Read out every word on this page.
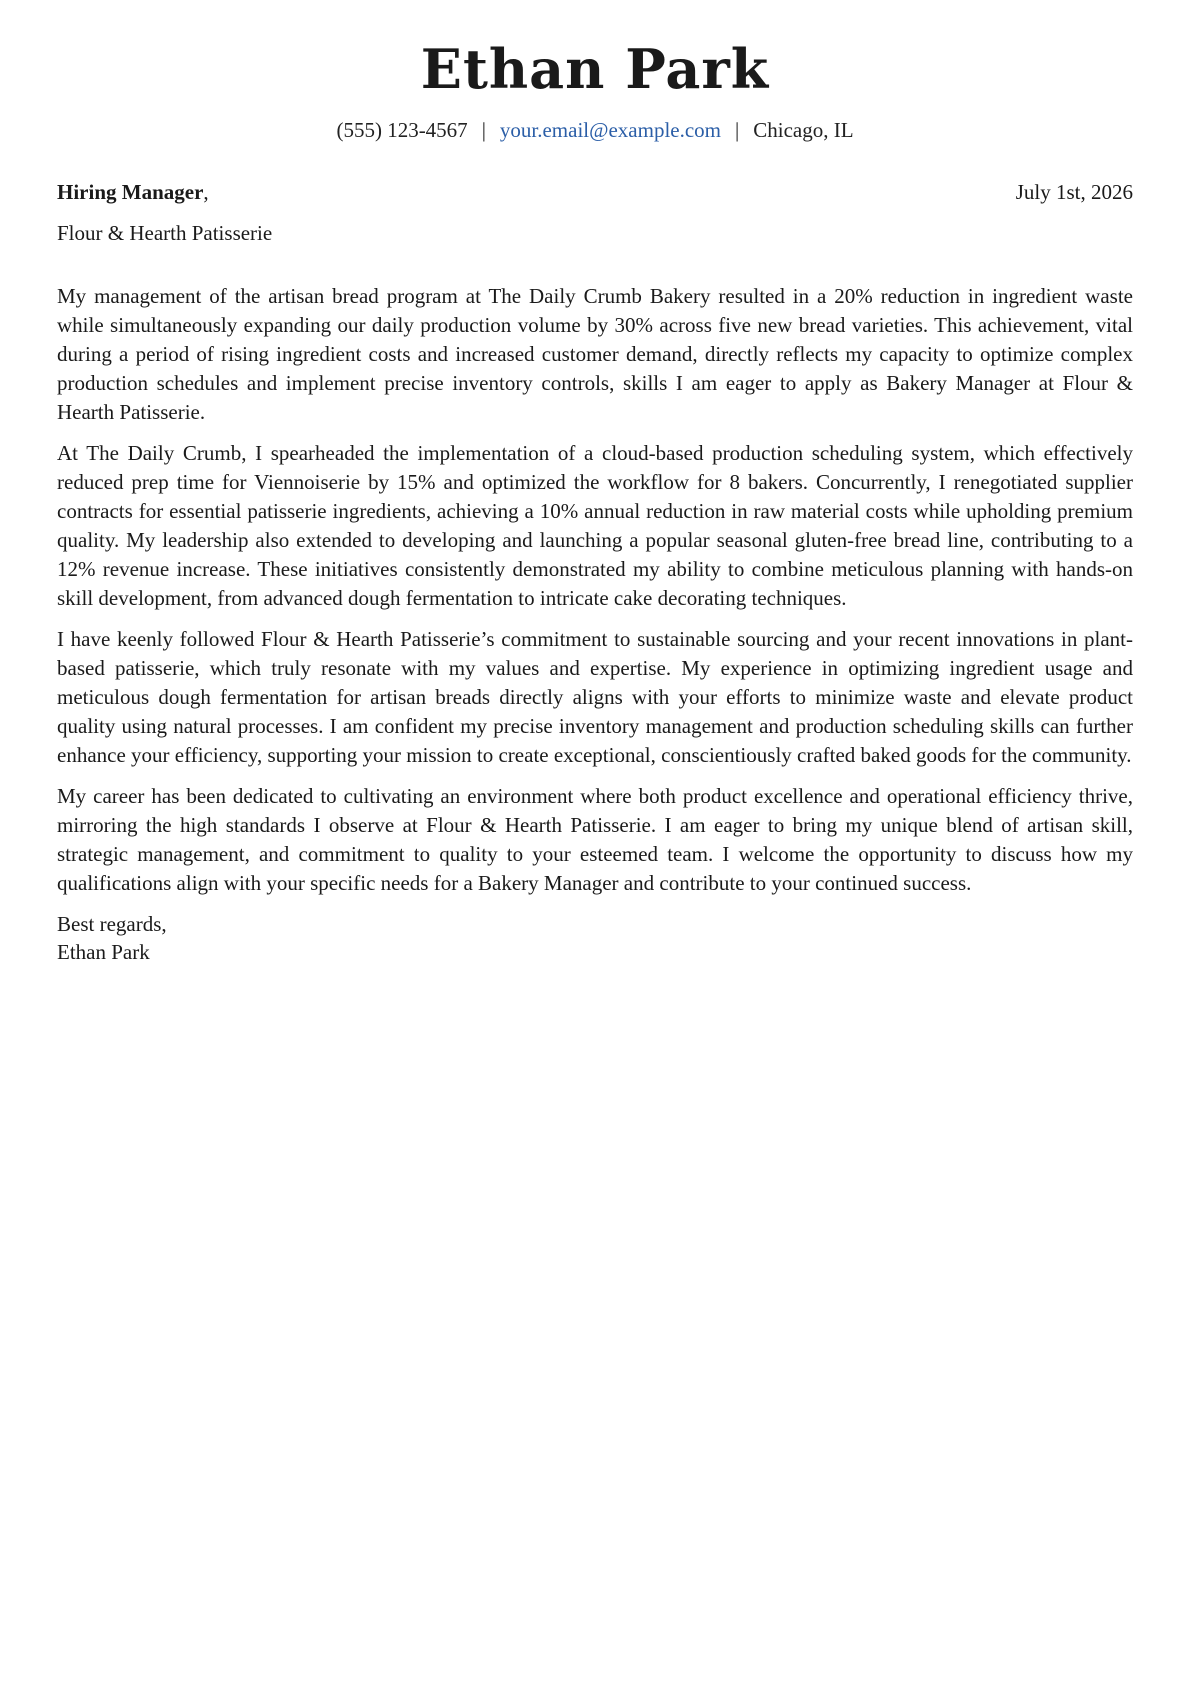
Ethan Park
(555) 123-4567 | your.email@example.com | Chicago, IL
Hiring Manager,	July 1st, 2026
Flour & Hearth Patisserie

My management of the artisan bread program at The Daily Crumb Bakery resulted in a 20% reduction in ingredient waste while simultaneously expanding our daily production volume by 30% across five new bread varieties. This achievement, vital during a period of rising ingredient costs and increased customer demand, directly reflects my capacity to optimize complex production schedules and implement precise inventory controls, skills I am eager to apply as Bakery Manager at Flour & Hearth Patisserie.

At The Daily Crumb, I spearheaded the implementation of a cloud-based production scheduling system, which effectively reduced prep time for Viennoiserie by 15% and optimized the workflow for 8 bakers. Concurrently, I renegotiated supplier contracts for essential patisserie ingredients, achieving a 10% annual reduction in raw material costs while upholding premium quality. My leadership also extended to developing and launching a popular seasonal gluten-free bread line, contributing to a 12% revenue increase. These initiatives consistently demonstrated my ability to combine meticulous planning with hands-on skill development, from advanced dough fermentation to intricate cake decorating techniques.

I have keenly followed Flour & Hearth Patisserie’s commitment to sustainable sourcing and your recent innovations in plant-based patisserie, which truly resonate with my values and expertise. My experience in optimizing ingredient usage and meticulous dough fermentation for artisan breads directly aligns with your efforts to minimize waste and elevate product quality using natural processes. I am confident my precise inventory management and production scheduling skills can further enhance your efficiency, supporting your mission to create exceptional, conscientiously crafted baked goods for the community.

My career has been dedicated to cultivating an environment where both product excellence and operational efficiency thrive, mirroring the high standards I observe at Flour & Hearth Patisserie. I am eager to bring my unique blend of artisan skill, strategic management, and commitment to quality to your esteemed team. I welcome the opportunity to discuss how my qualifications align with your specific needs for a Bakery Manager and contribute to your continued success.

Best regards,
Ethan Park
